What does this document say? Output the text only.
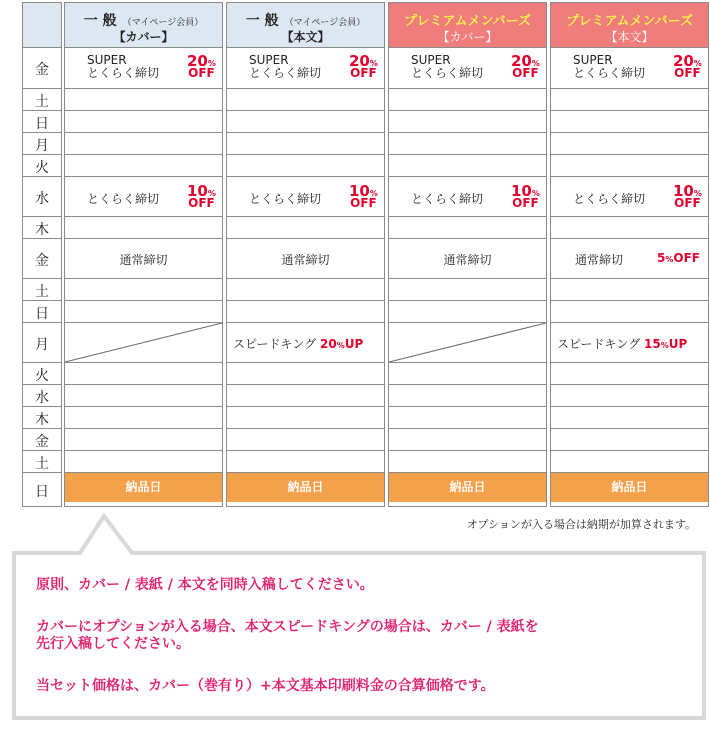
金
土
日
月
火
水
木
金
土
日
月
火
水
木
金
土
日
一 般 （マイページ会員）
【カバー】
SUPER
とくらく締切
20%
OFF
とくらく締切 10%
OFF
通常締切
納品日
一 般 （マイページ会員）
【本文】
SUPER
とくらく締切
20%
OFF
とくらく締切 10%
OFF
通常締切
スピードキング 20%UP
納品日
プレミアムメンバーズ
【カバー】
SUPER
とくらく締切
20%
OFF
とくらく締切 10%
OFF
通常締切
納品日
プレミアムメンバーズ
【本文】
SUPER
とくらく締切
20%
OFF
とくらく締切 10%
OFF
通常締切	5%OFF
スピードキング 15%UP
納品日
オプションが入る場合は納期が加算されます。
原則、カバー / 表紙 / 本文を同時入稿してください。
カバーにオプションが入る場合、本文スピードキングの場合は、カバー / 表紙を
先行入稿してください。
当セット価格は、カバー（巻有り）+本文基本印刷料金の合算価格です。
